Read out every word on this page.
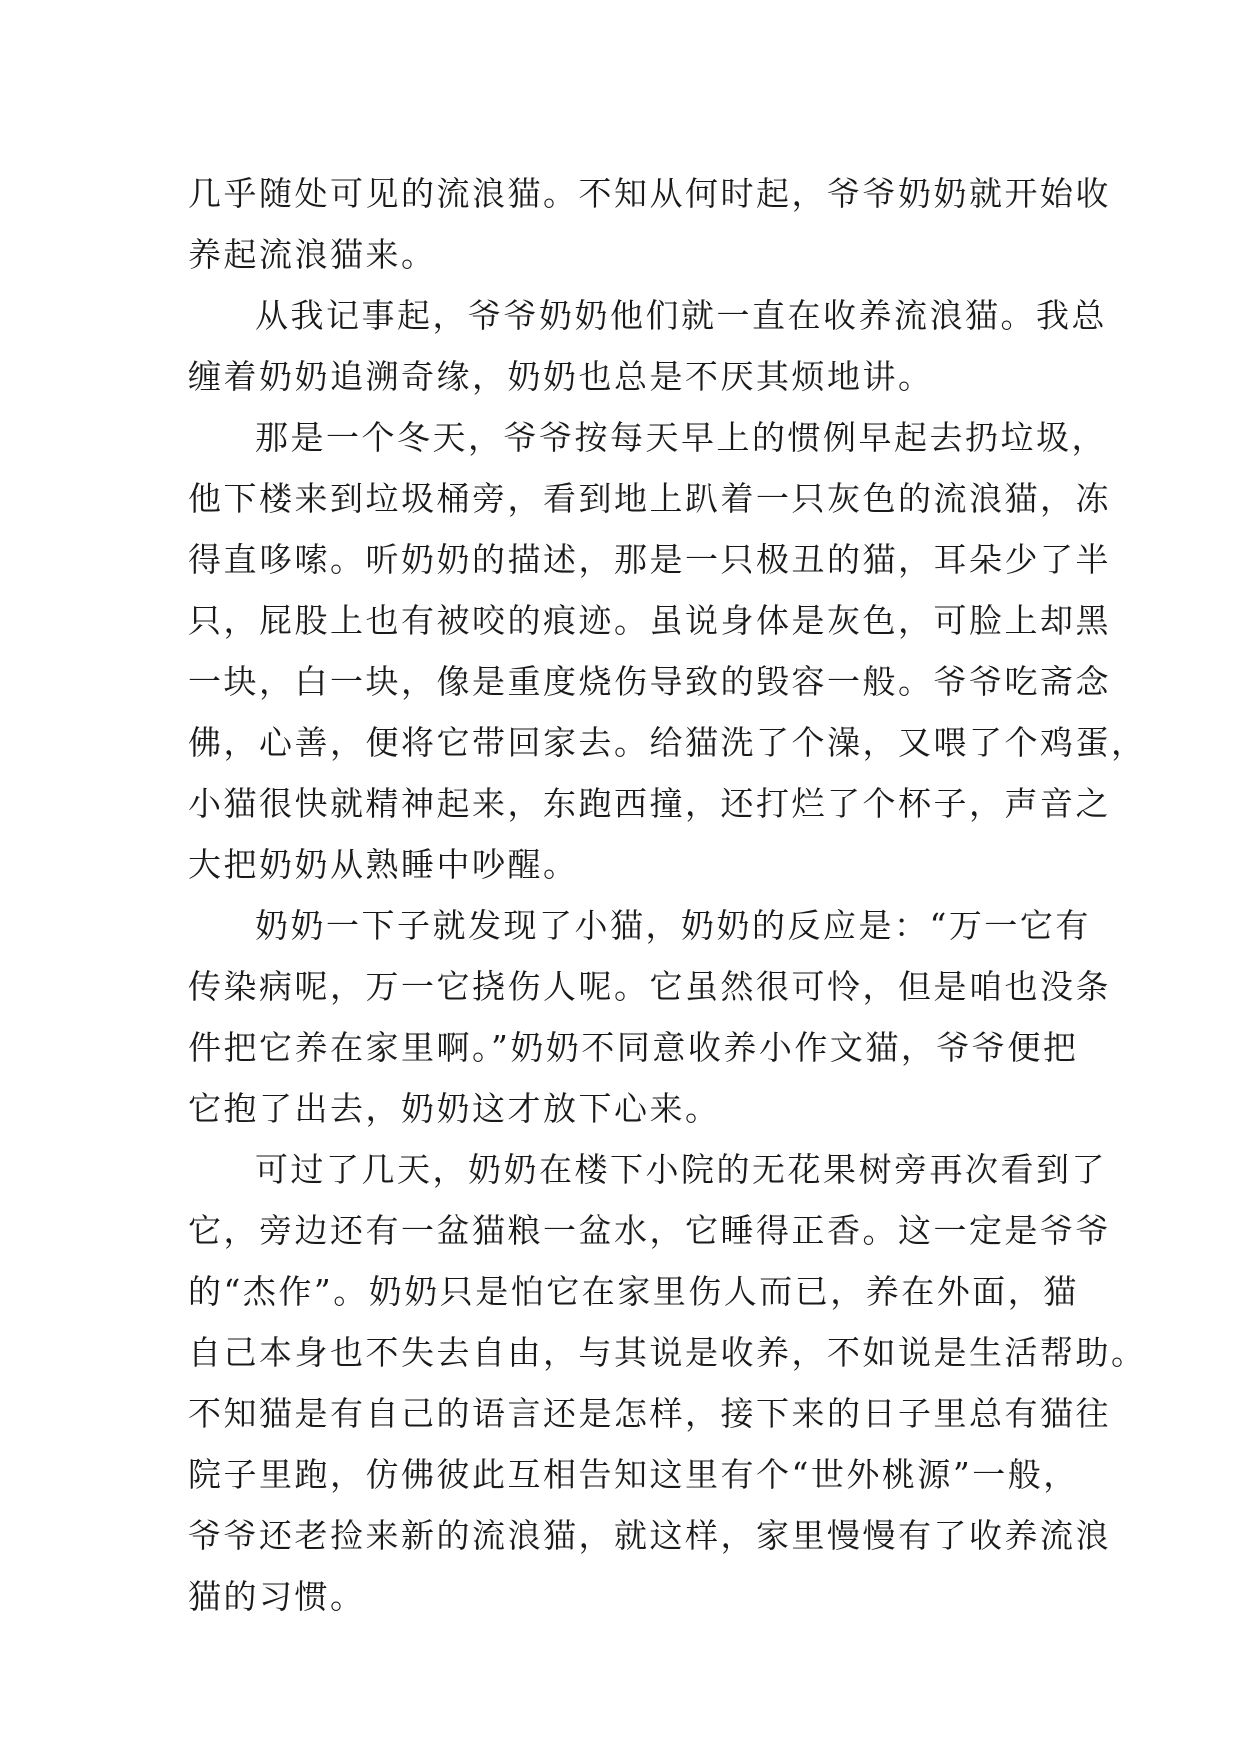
几乎随处可见的流浪猫。不知从何时起，爷爷奶奶就开始收
养起流浪猫来。
从我记事起，爷爷奶奶他们就一直在收养流浪猫。我总
缠着奶奶追溯奇缘，奶奶也总是不厌其烦地讲。
那是一个冬天，爷爷按每天早上的惯例早起去扔垃圾，
他下楼来到垃圾桶旁，看到地上趴着一只灰色的流浪猫，冻
得直哆嗦。听奶奶的描述，那是一只极丑的猫，耳朵少了半
只，屁股上也有被咬的痕迹。虽说身体是灰色，可脸上却黑
一块，白一块，像是重度烧伤导致的毁容一般。爷爷吃斋念
佛，心善，便将它带回家去。给猫洗了个澡，又喂了个鸡蛋，
小猫很快就精神起来，东跑西撞，还打烂了个杯子，声音之
大把奶奶从熟睡中吵醒。
奶奶一下子就发现了小猫，奶奶的反应是：“万一它有
传染病呢，万一它挠伤人呢。它虽然很可怜，但是咱也没条
件把它养在家里啊。”奶奶不同意收养小作文猫，爷爷便把
它抱了出去，奶奶这才放下心来。
可过了几天，奶奶在楼下小院的无花果树旁再次看到了
它，旁边还有一盆猫粮一盆水，它睡得正香。这一定是爷爷
的“杰作”。奶奶只是怕它在家里伤人而已，养在外面，猫
自己本身也不失去自由，与其说是收养，不如说是生活帮助。
不知猫是有自己的语言还是怎样，接下来的日子里总有猫往
院子里跑，仿佛彼此互相告知这里有个“世外桃源”一般，
爷爷还老捡来新的流浪猫，就这样，家里慢慢有了收养流浪
猫的习惯。
